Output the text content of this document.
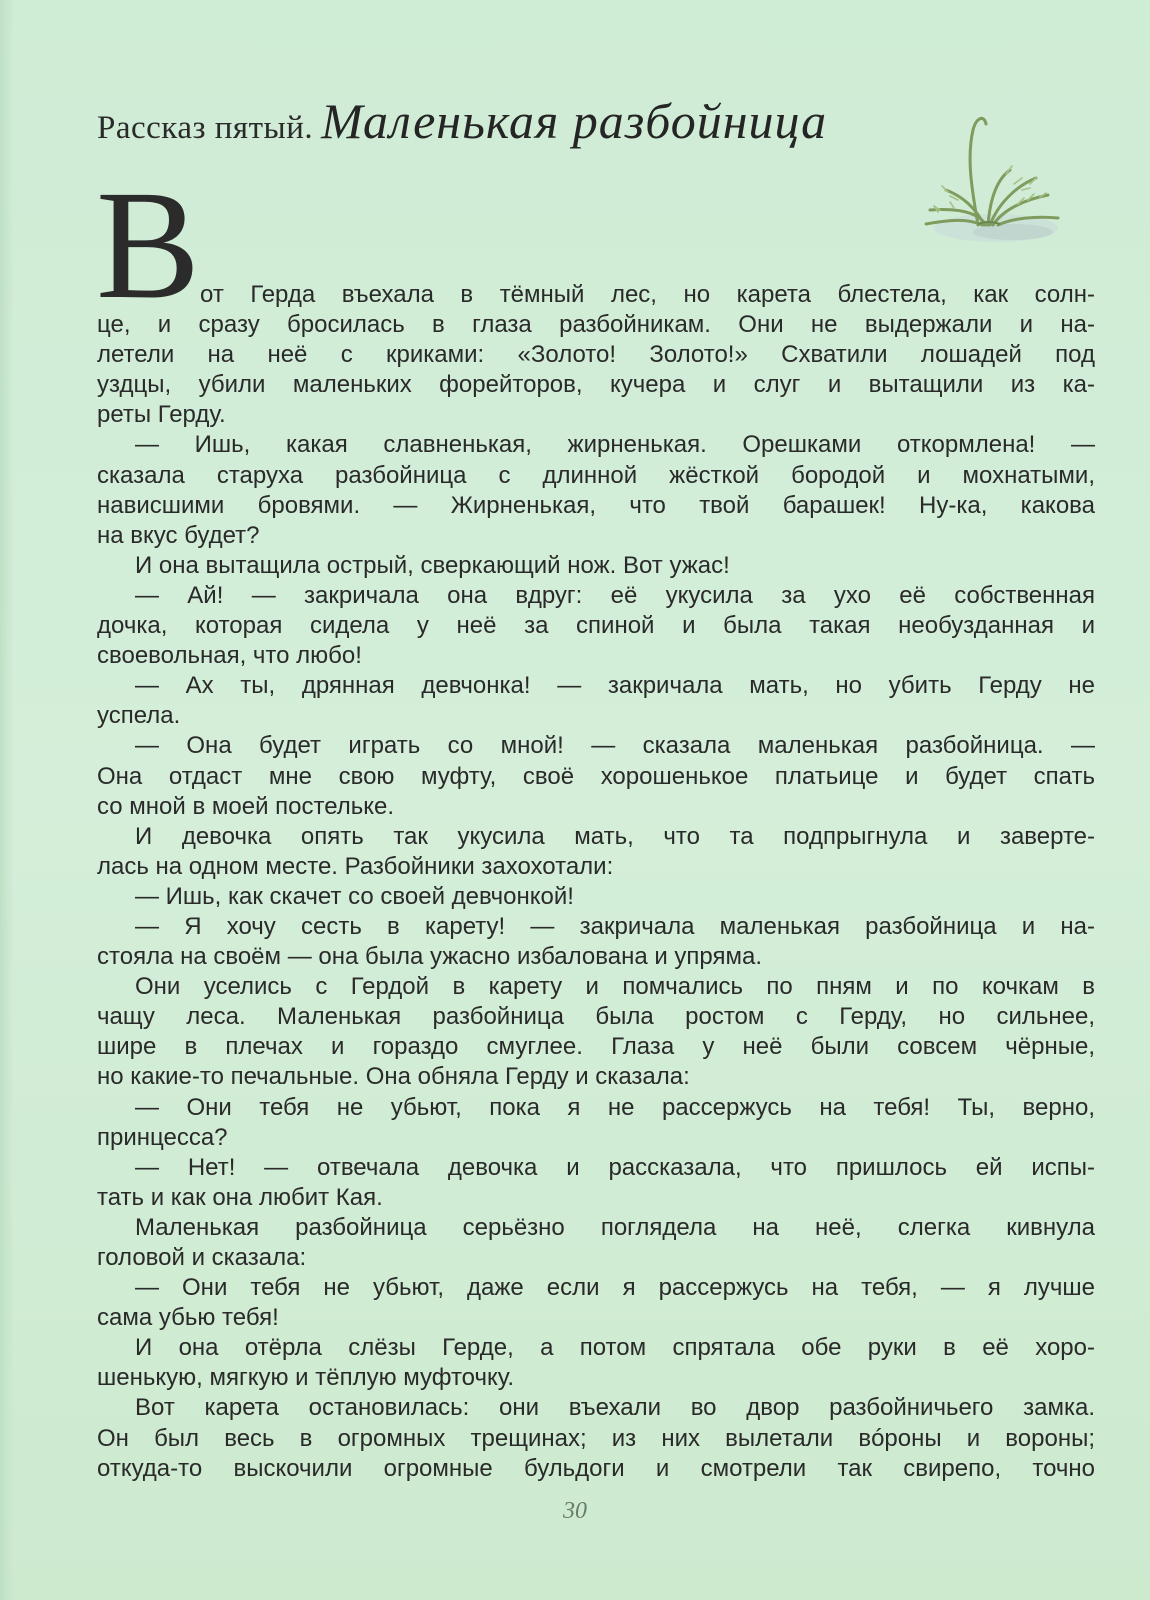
Рассказ пятый. Маленькая разбойница
В от Герда въехала в тёмный лес, но карета блестела, как солн-
це, и сразу бросилась в глаза разбойникам. Они не выдержали и на-
летели на неё с криками: «Золото! Золото!» Схватили лошадей под
уздцы, убили маленьких форейторов, кучера и слуг и вытащили из ка-
реты Герду.
— Ишь, какая славненькая, жирненькая. Орешками откормлена! —
сказала старуха разбойница с длинной жёсткой бородой и мохнатыми,
нависшими бровями. — Жирненькая, что твой барашек! Ну-ка, какова
на вкус будет?
И она вытащила острый, сверкающий нож. Вот ужас!
— Ай! — закричала она вдруг: её укусила за ухо её собственная
дочка, которая сидела у неё за спиной и была такая необузданная и
своевольная, что любо!
— Ах ты, дрянная девчонка! — закричала мать, но убить Герду не
успела.
— Она будет играть со мной! — сказала маленькая разбойница. —
Она отдаст мне свою муфту, своё хорошенькое платьице и будет спать
со мной в моей постельке.
И девочка опять так укусила мать, что та подпрыгнула и заверте-
лась на одном месте. Разбойники захохотали:
— Ишь, как скачет со своей девчонкой!
— Я хочу сесть в карету! — закричала маленькая разбойница и на-
стояла на своём — она была ужасно избалована и упряма.
Они уселись с Гердой в карету и помчались по пням и по кочкам в
чащу леса. Маленькая разбойница была ростом с Герду, но сильнее,
шире в плечах и гораздо смуглее. Глаза у неё были совсем чёрные,
но какие-то печальные. Она обняла Герду и сказала:
— Они тебя не убьют, пока я не рассержусь на тебя! Ты, верно,
принцесса?
— Нет! — отвечала девочка и рассказала, что пришлось ей испы-
тать и как она любит Кая.
Маленькая разбойница серьёзно поглядела на неё, слегка кивнула
головой и сказала:
— Они тебя не убьют, даже если я рассержусь на тебя, — я лучше
сама убью тебя!
И она отёрла слёзы Герде, а потом спрятала обе руки в её хоро-
шенькую, мягкую и тёплую муфточку.
Вот карета остановилась: они въехали во двор разбойничьего замка.
Он был весь в огромных трещинах; из них вылетали вóроны и вороны;
откуда-то выскочили огромные бульдоги и смотрели так свирепо, точно
30
